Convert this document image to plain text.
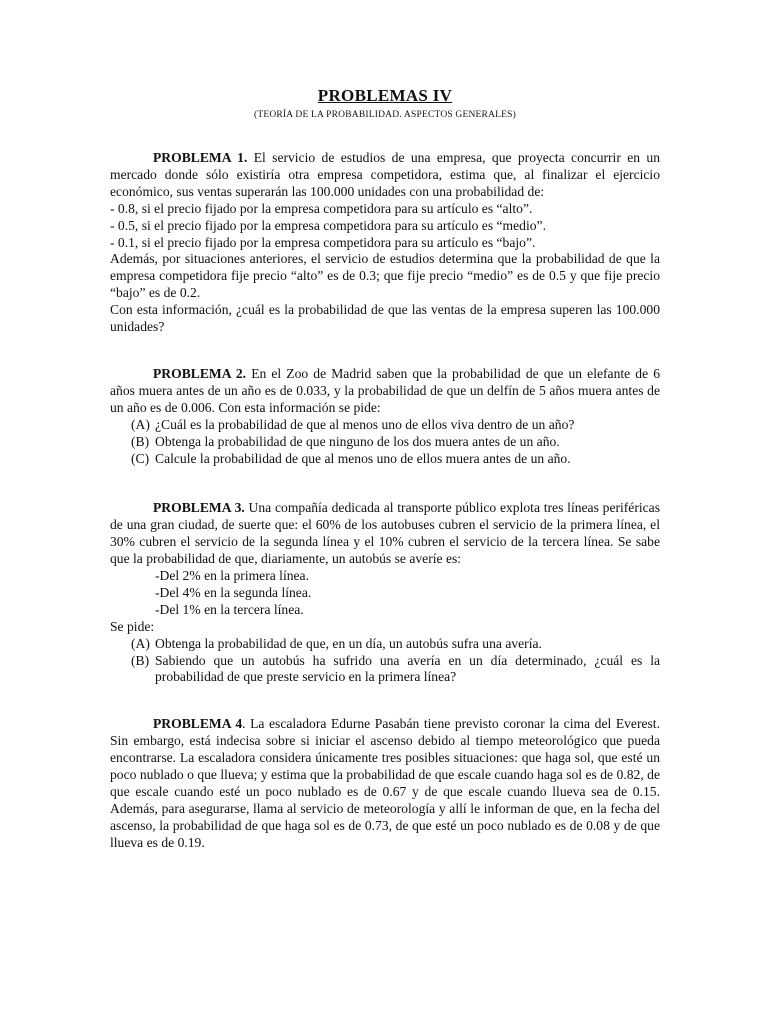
PROBLEMAS IV
(TEORÍA DE LA PROBABILIDAD. ASPECTOS GENERALES)

PROBLEMA 1. El servicio de estudios de una empresa, que proyecta concurrir en un mercado donde sólo existiría otra empresa competidora, estima que, al finalizar el ejercicio económico, sus ventas superarán las 100.000 unidades con una probabilidad de:

- 0.8, si el precio fijado por la empresa competidora para su artículo es “alto”.

- 0.5, si el precio fijado por la empresa competidora para su artículo es “medio”.

- 0.1, si el precio fijado por la empresa competidora para su artículo es “bajo”.

Además, por situaciones anteriores, el servicio de estudios determina que la probabilidad de que la empresa competidora fije precio “alto” es de 0.3; que fije precio “medio” es de 0.5 y que fije precio “bajo” es de 0.2.

Con esta información, ¿cuál es la probabilidad de que las ventas de la empresa superen las 100.000 unidades?

PROBLEMA 2. En el Zoo de Madrid saben que la probabilidad de que un elefante de 6 años muera antes de un año es de 0.033, y la probabilidad de que un delfín de 5 años muera antes de un año es de 0.006. Con esta información se pide:

(A) ¿Cuál es la probabilidad de que al menos uno de ellos viva dentro de un año?
(B) Obtenga la probabilidad de que ninguno de los dos muera antes de un año.
(C) Calcule la probabilidad de que al menos uno de ellos muera antes de un año.

PROBLEMA 3. Una compañía dedicada al transporte público explota tres líneas periféricas de una gran ciudad, de suerte que: el 60% de los autobuses cubren el servicio de la primera línea, el 30% cubren el servicio de la segunda línea y el 10% cubren el servicio de la tercera línea. Se sabe que la probabilidad de que, diariamente, un autobús se averíe es:

-Del 2% en la primera línea.

-Del 4% en la segunda línea.

-Del 1% en la tercera línea.

Se pide:

(A) Obtenga la probabilidad de que, en un día, un autobús sufra una avería.
(B) Sabiendo que un autobús ha sufrido una avería en un día determinado, ¿cuál es la probabilidad de que preste servicio en la primera línea?

PROBLEMA 4. La escaladora Edurne Pasabán tiene previsto coronar la cima del Everest. Sin embargo, está indecisa sobre si iniciar el ascenso debido al tiempo meteorológico que pueda encontrarse. La escaladora considera únicamente tres posibles situaciones: que haga sol, que esté un poco nublado o que llueva; y estima que la probabilidad de que escale cuando haga sol es de 0.82, de que escale cuando esté un poco nublado es de 0.67 y de que escale cuando llueva sea de 0.15. Además, para asegurarse, llama al servicio de meteorología y allí le informan de que, en la fecha del ascenso, la probabilidad de que haga sol es de 0.73, de que esté un poco nublado es de 0.08 y de que llueva es de 0.19.
